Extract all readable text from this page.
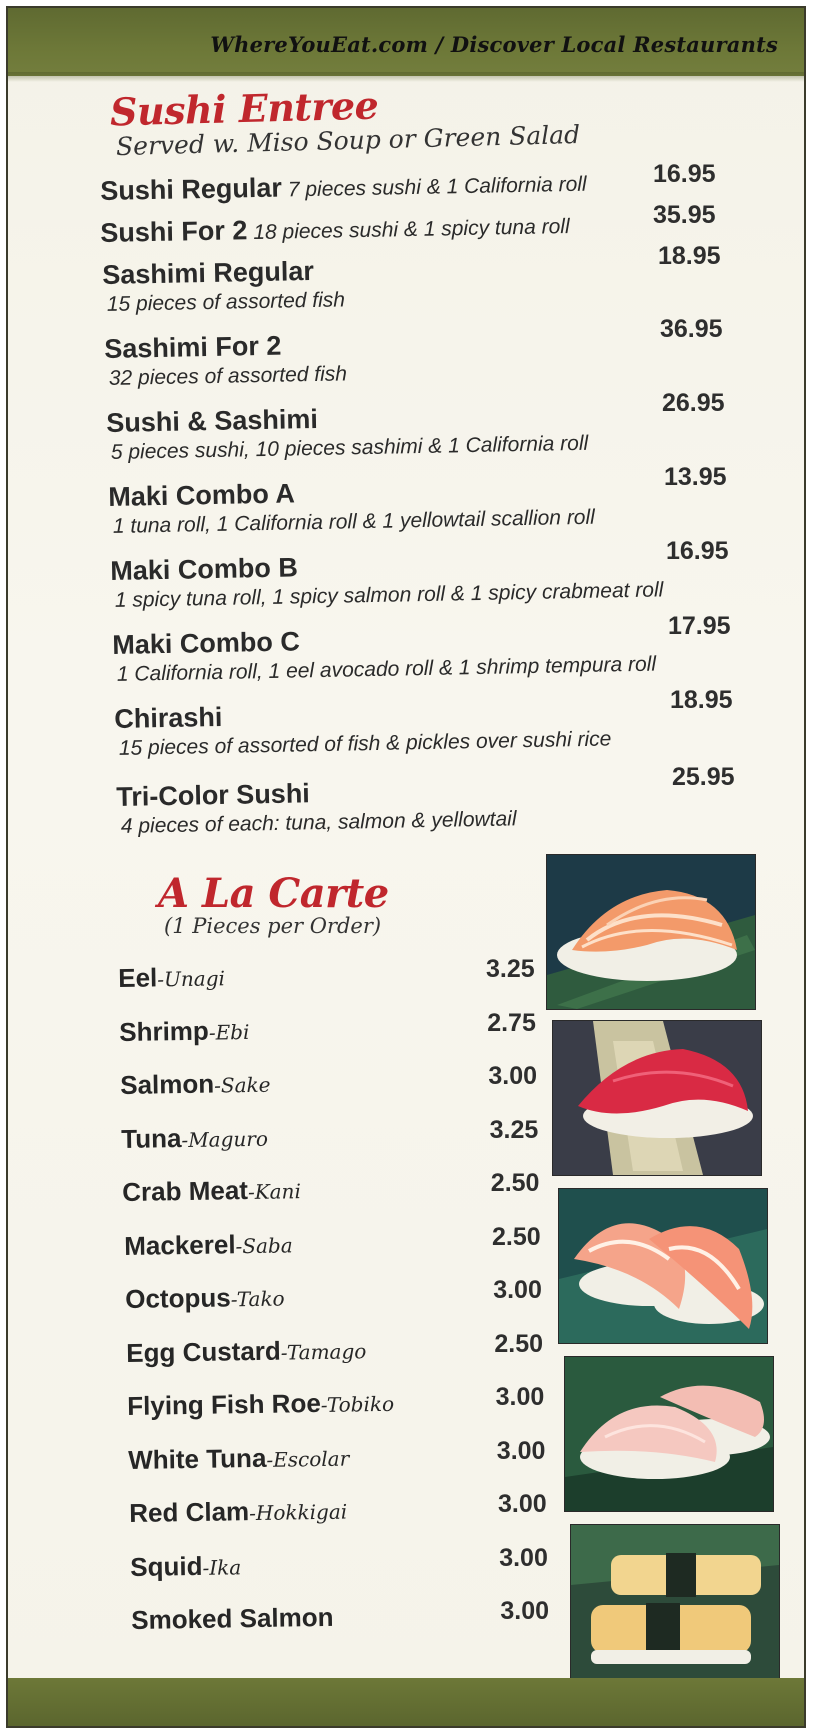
WhereYouEat.com / Discover Local Restaurants
Sushi Entree
Served w. Miso Soup or Green Salad
Sushi Regular 7 pieces sushi & 1 California roll	16.95
Sushi For 2 18 pieces sushi & 1 spicy tuna roll	35.95
Sashimi Regular
15 pieces of assorted fish
18.95
Sashimi For 2
32 pieces of assorted fish
36.95
Sushi & Sashimi
5 pieces sushi, 10 pieces sashimi & 1 California roll
26.95
Maki Combo A
1 tuna roll, 1 California roll & 1 yellowtail scallion roll
13.95
Maki Combo B
1 spicy tuna roll, 1 spicy salmon roll & 1 spicy crabmeat roll
16.95
Maki Combo C
1 California roll, 1 eel avocado roll & 1 shrimp tempura roll
17.95
Chirashi
15 pieces of assorted of fish & pickles over sushi rice
18.95
Tri-Color Sushi
4 pieces of each: tuna, salmon & yellowtail
25.95
A La Carte
(1 Pieces per Order)
Eel-Unagi	3.25
Shrimp-Ebi	2.75
Salmon-Sake	3.00
Tuna-Maguro	3.25
Crab Meat-Kani	2.50
Mackerel-Saba	2.50
Octopus-Tako	3.00
Egg Custard-Tamago	2.50
Flying Fish Roe-Tobiko	3.00
White Tuna-Escolar	3.00
Red Clam-Hokkigai	3.00
Squid-Ika	3.00
Smoked Salmon	3.00
